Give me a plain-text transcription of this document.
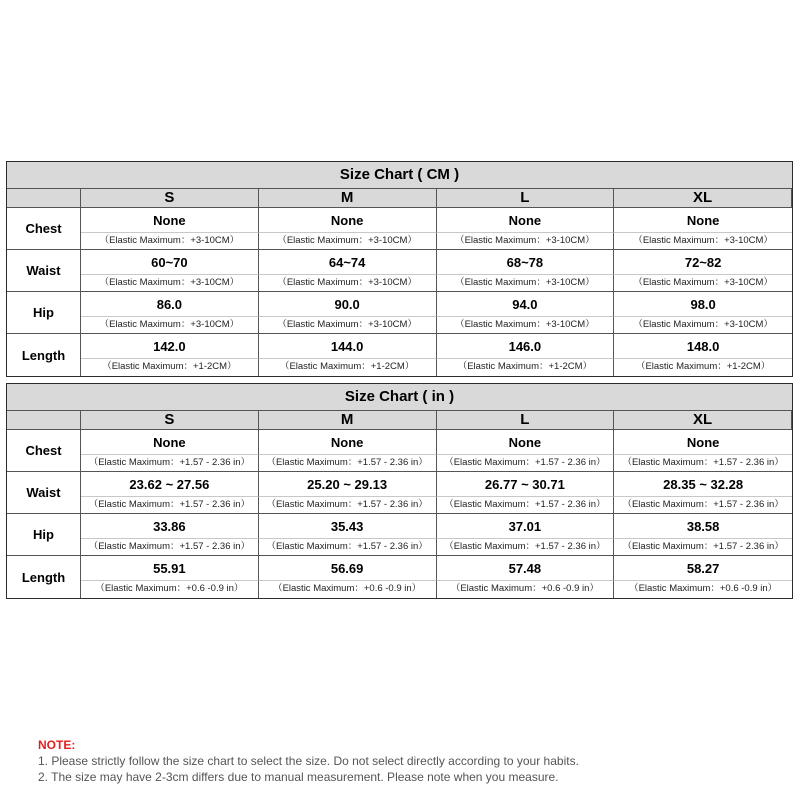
Size Chart ( CM )
S	M	L	XL
Chest
None	None	None	None
（Elastic Maximum：+3-10CM）	（Elastic Maximum：+3-10CM）	（Elastic Maximum：+3-10CM）	（Elastic Maximum：+3-10CM）
Waist
60~70	64~74	68~78	72~82
（Elastic Maximum：+3-10CM）	（Elastic Maximum：+3-10CM）	（Elastic Maximum：+3-10CM）	（Elastic Maximum：+3-10CM）
Hip
86.0	90.0	94.0	98.0
（Elastic Maximum：+3-10CM）	（Elastic Maximum：+3-10CM）	（Elastic Maximum：+3-10CM）	（Elastic Maximum：+3-10CM）
Length
142.0	144.0	146.0	148.0
（Elastic Maximum：+1-2CM）	（Elastic Maximum：+1-2CM）	（Elastic Maximum：+1-2CM）	（Elastic Maximum：+1-2CM）
Size Chart ( in )
S	M	L	XL
Chest
None	None	None	None
（Elastic Maximum：+1.57 - 2.36 in）	（Elastic Maximum：+1.57 - 2.36 in）	（Elastic Maximum：+1.57 - 2.36 in）	（Elastic Maximum：+1.57 - 2.36 in）
Waist
23.62 ~ 27.56	25.20 ~ 29.13	26.77 ~ 30.71	28.35 ~ 32.28
（Elastic Maximum：+1.57 - 2.36 in）	（Elastic Maximum：+1.57 - 2.36 in）	（Elastic Maximum：+1.57 - 2.36 in）	（Elastic Maximum：+1.57 - 2.36 in）
Hip
33.86	35.43	37.01	38.58
（Elastic Maximum：+1.57 - 2.36 in）	（Elastic Maximum：+1.57 - 2.36 in）	（Elastic Maximum：+1.57 - 2.36 in）	（Elastic Maximum：+1.57 - 2.36 in）
Length
55.91	56.69	57.48	58.27
（Elastic Maximum：+0.6 -0.9 in）	（Elastic Maximum：+0.6 -0.9 in）	（Elastic Maximum：+0.6 -0.9 in）	（Elastic Maximum：+0.6 -0.9 in）
NOTE:
1. Please strictly follow the size chart to select the size. Do not select directly according to your habits.
2. The size may have 2-3cm differs due to manual measurement. Please note when you measure.
